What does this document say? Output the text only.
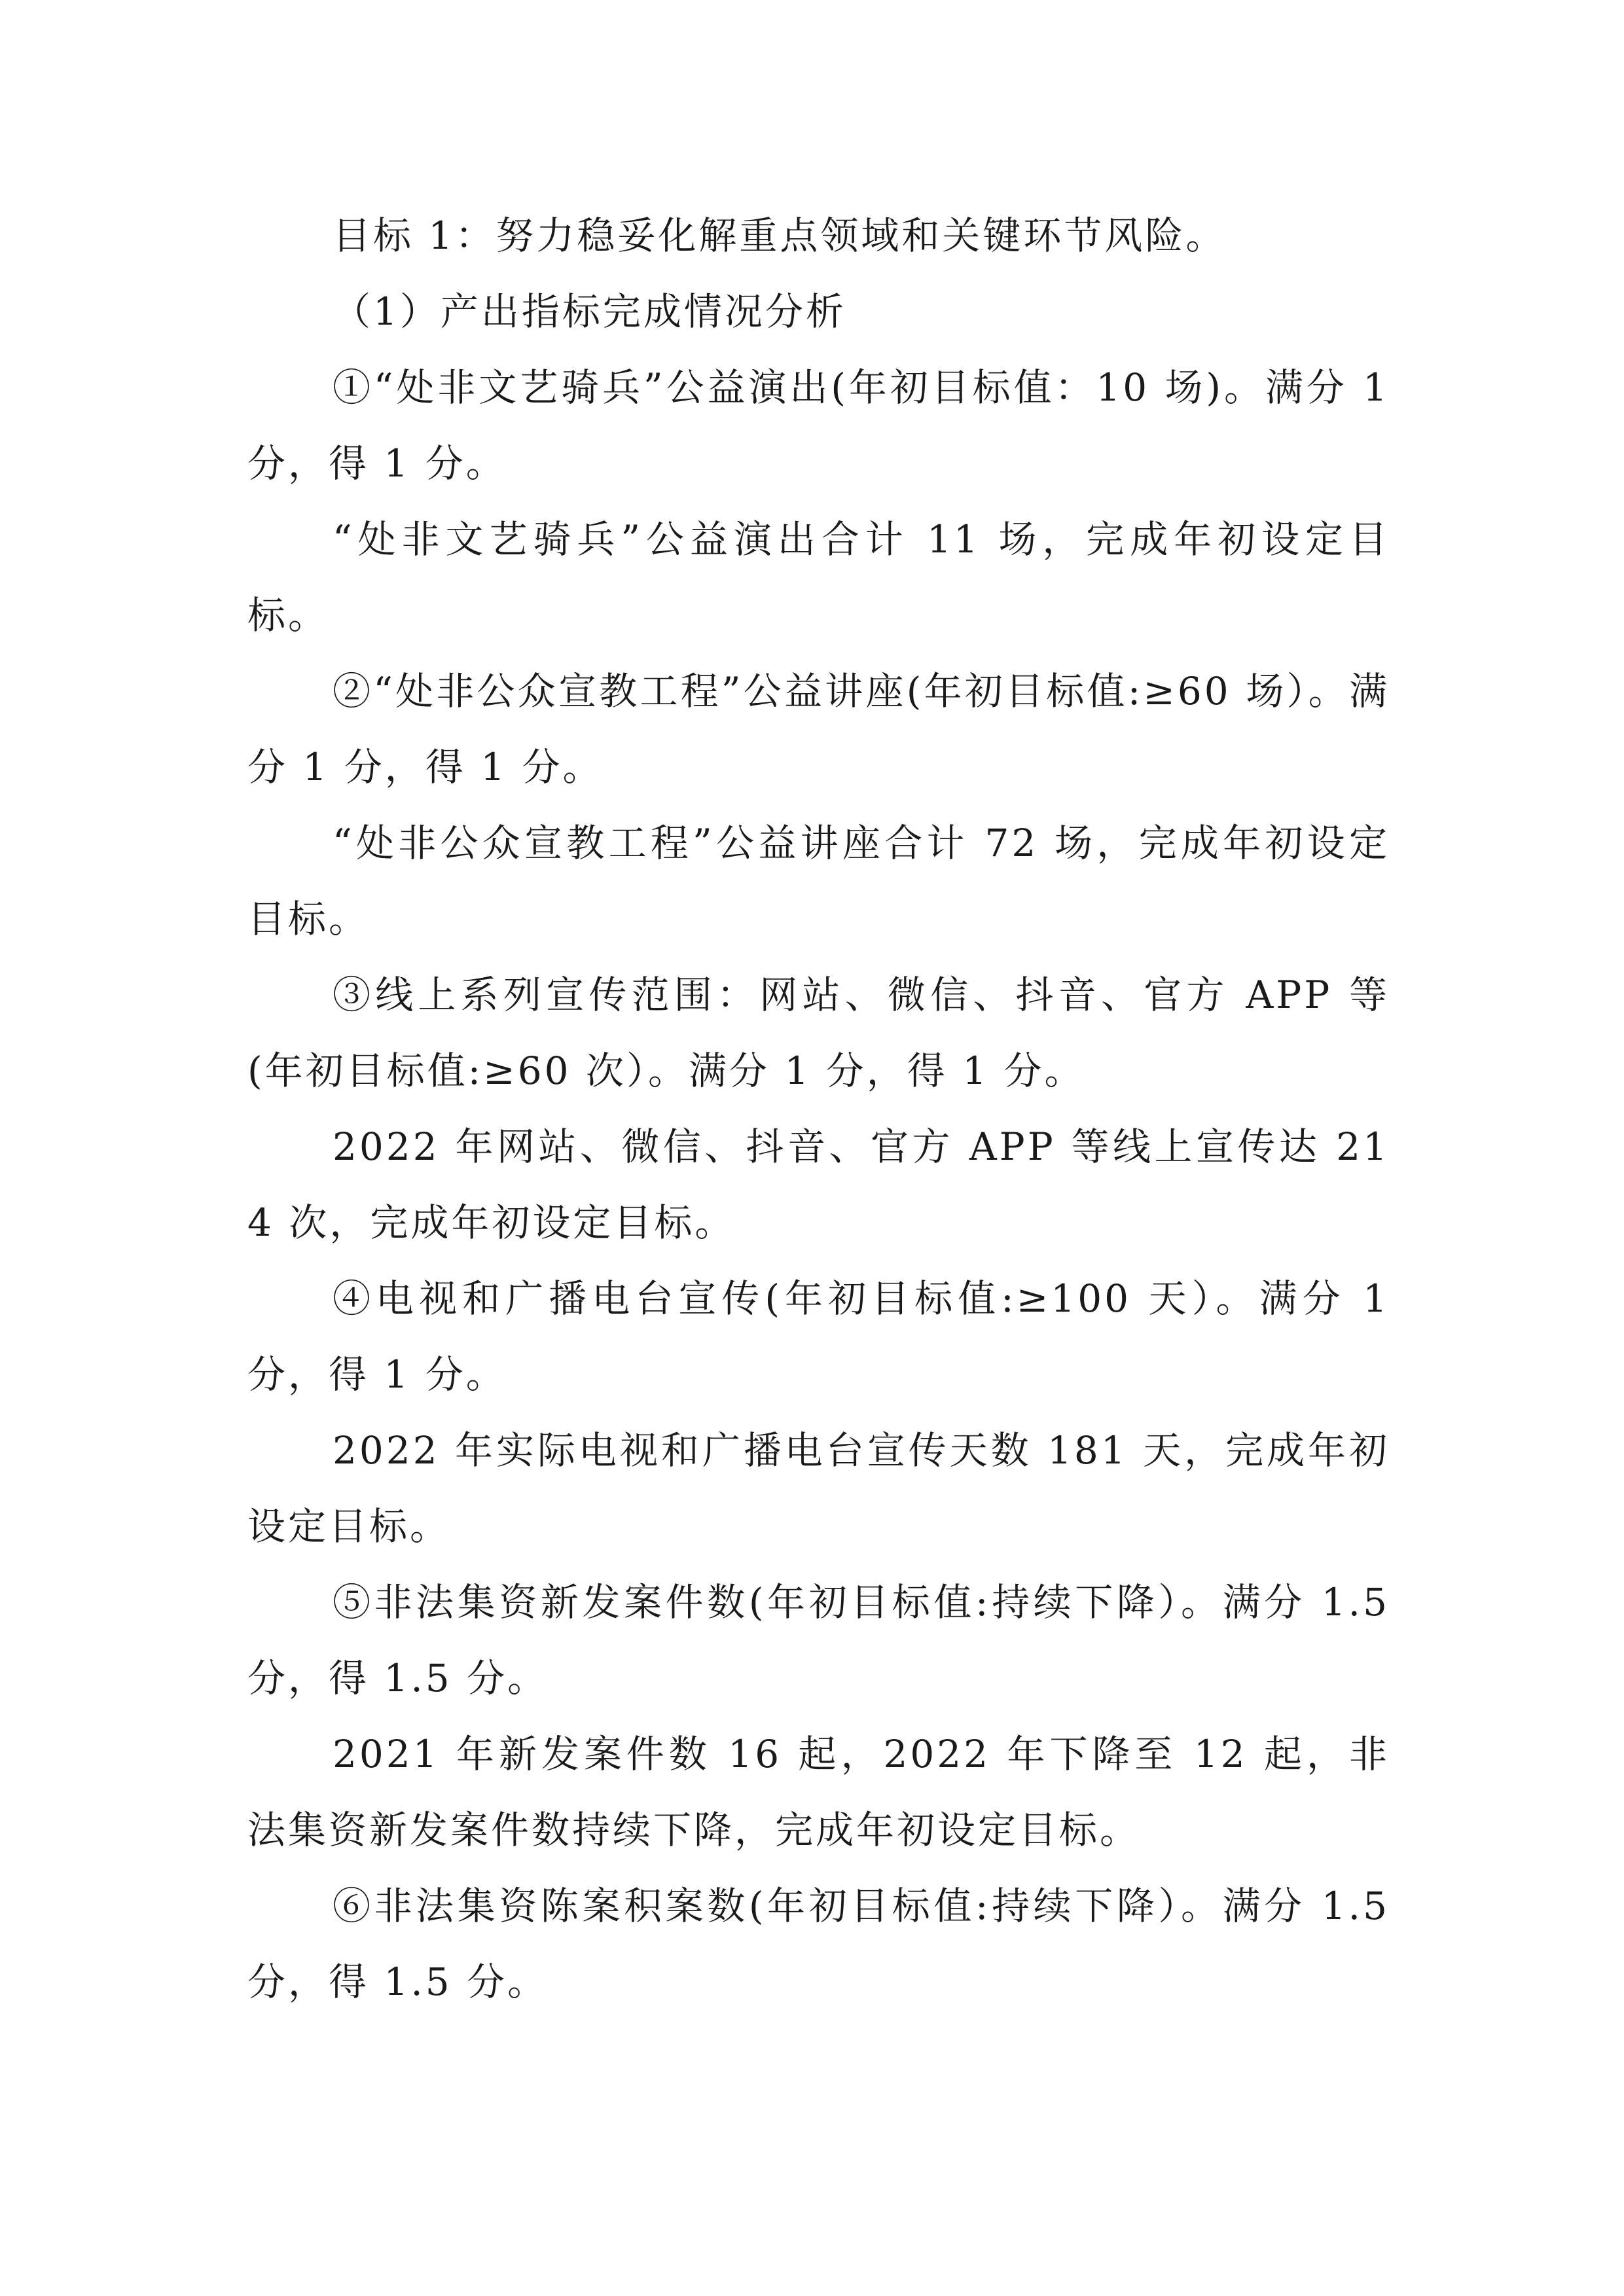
目标 1：努力稳妥化解重点领域和关键环节风险。

（1）产出指标完成情况分析

①“处非文艺骑兵”公益演出(年初目标值：10 场)。满分 1 分，得 1 分。

“处非文艺骑兵”公益演出合计 11 场，完成年初设定目标。

②“处非公众宣教工程”公益讲座(年初目标值:≥60 场）。满分 1 分，得 1 分。

“处非公众宣教工程”公益讲座合计 72 场，完成年初设定目标。

③线上系列宣传范围：网站、微信、抖音、官方 APP 等(年初目标值:≥60 次）。满分 1 分，得 1 分。

2022 年网站、微信、抖音、官方 APP 等线上宣传达 214 次，完成年初设定目标。

④电视和广播电台宣传(年初目标值:≥100 天）。满分 1 分，得 1 分。

2022 年实际电视和广播电台宣传天数 181 天，完成年初设定目标。

⑤非法集资新发案件数(年初目标值:持续下降）。满分 1.5 分，得 1.5 分。

2021 年新发案件数 16 起，2022 年下降至 12 起，非法集资新发案件数持续下降，完成年初设定目标。

⑥非法集资陈案积案数(年初目标值:持续下降）。满分 1.5 分，得 1.5 分。
